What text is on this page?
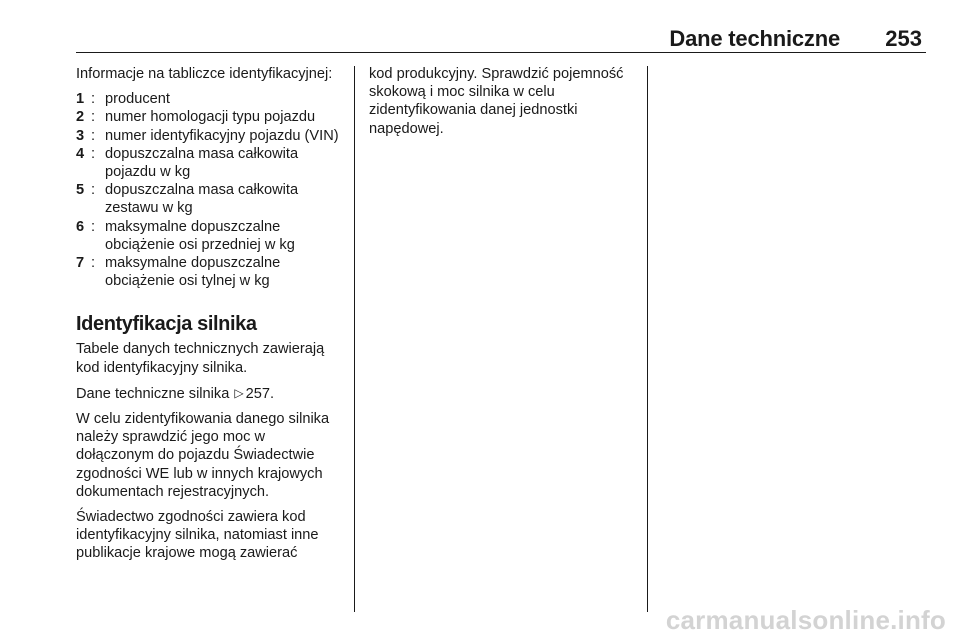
Dane techniczne 253

Informacje na tabliczce identyfikacyjnej:

1 : producent
2 : numer homologacji typu pojazdu
3 : numer identyfikacyjny pojazdu (VIN)
4 : dopuszczalna masa całkowita pojazdu w kg
5 : dopuszczalna masa całkowita zestawu w kg
6 : maksymalne dopuszczalne obciążenie osi przedniej w kg
7 : maksymalne dopuszczalne obciążenie osi tylnej w kg
Identyfikacja silnika

Tabele danych technicznych zawierają kod identyfikacyjny silnika.

Dane techniczne silnika ▷ 257.

W celu zidentyfikowania danego silnika należy sprawdzić jego moc w dołączonym do pojazdu Świadectwie zgodności WE lub w innych krajowych dokumentach rejestracyjnych.

Świadectwo zgodności zawiera kod identyfikacyjny silnika, natomiast inne publikacje krajowe mogą zawierać

kod produkcyjny. Sprawdzić pojemność skokową i moc silnika w celu zidentyfikowania danej jednostki napędowej.

carmanualsonline.info
